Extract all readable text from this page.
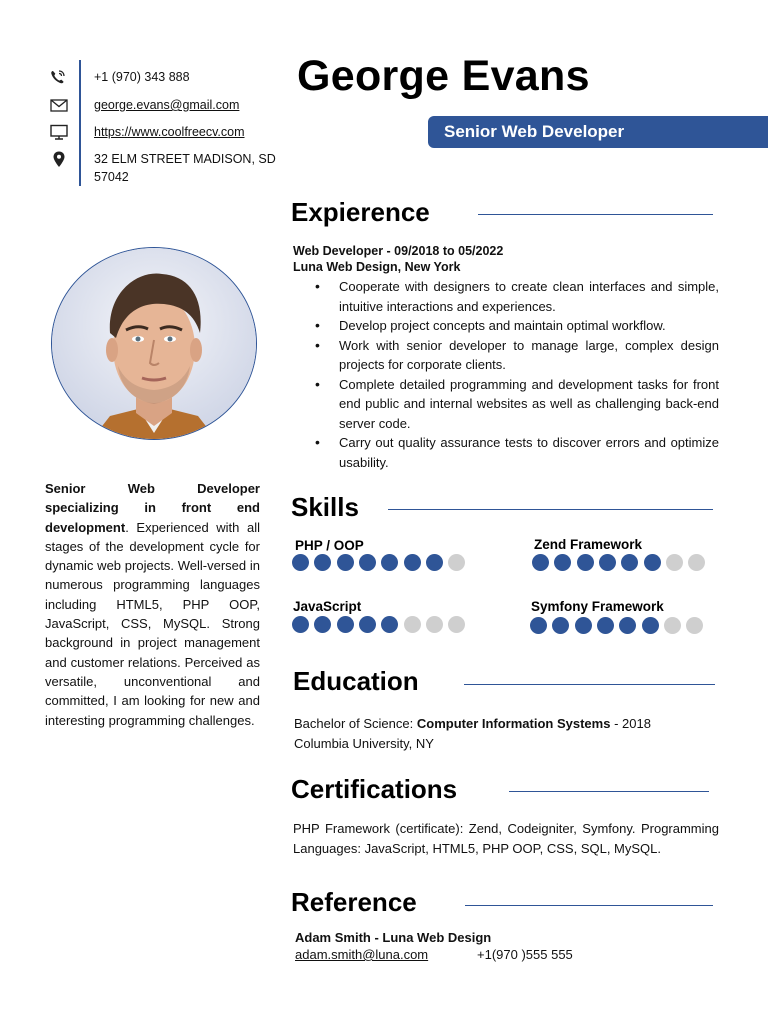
+1 (970) 343 888
george.evans@gmail.com
https://www.coolfreecv.com
32 ELM STREET MADISON, SD
57042
George Evans
Senior Web Developer
Senior Web Developer specializing in front end development. Experienced with all stages of the development cycle for dynamic web projects. Well-versed in numerous programming languages including HTML5, PHP OOP, JavaScript, CSS, MySQL. Strong background in project management and customer relations. Perceived as versatile, unconventional and committed, I am looking for new and interesting programming challenges.
Expierence
Web Developer - 09/2018 to 05/2022
Luna Web Design, New York
• Cooperate with designers to create clean interfaces and simple, intuitive interactions and experiences.
• Develop project concepts and maintain optimal workflow.
• Work with senior developer to manage large, complex design projects for corporate clients.
• Complete detailed programming and development tasks for front end public and internal websites as well as challenging back-end server code.
• Carry out quality assurance tests to discover errors and optimize usability.
Skills
PHP / OOP	Zend Framework
JavaScript	Symfony Framework
Education
Bachelor of Science: Computer Information Systems - 2018
Columbia University, NY
Certifications
PHP Framework (certificate): Zend, Codeigniter, Symfony. Programming Languages: JavaScript, HTML5, PHP OOP, CSS, SQL, MySQL.
Reference
Adam Smith - Luna Web Design
adam.smith@luna.com	+1(970 )555 555
